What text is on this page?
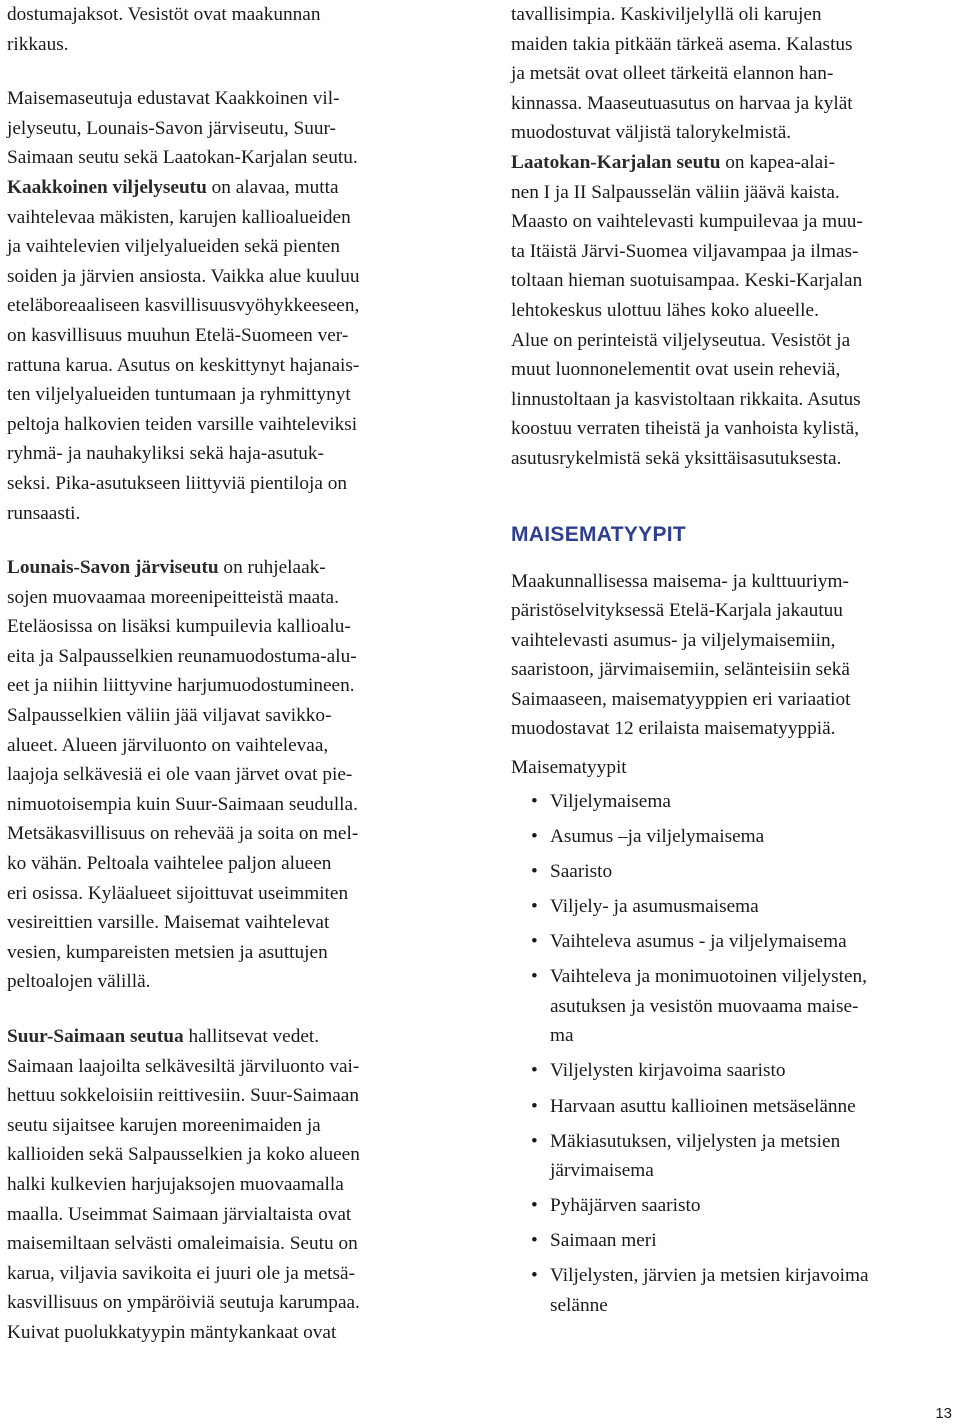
dostumajaksot. Vesistöt ovat maakunnan
rikkaus.

Maisemaseutuja edustavat Kaakkoinen vil-
jelyseutu, Lounais-Savon järviseutu, Suur-
Saimaan seutu sekä Laatokan-Karjalan seutu.

Kaakkoinen viljelyseutu on alavaa, mutta
vaihtelevaa mäkisten, karujen kallioalueiden
ja vaihtelevien viljelyalueiden sekä pienten
soiden ja järvien ansiosta. Vaikka alue kuuluu
eteläboreaaliseen kasvillisuusvyöhykkeeseen,
on kasvillisuus muuhun Etelä-Suomeen ver-
rattuna karua. Asutus on keskittynyt hajanais-
ten viljelyalueiden tuntumaan ja ryhmittynyt
peltoja halkovien teiden varsille vaihteleviksi
ryhmä- ja nauhakyliksi sekä haja-asutuk-
seksi. Pika-asutukseen liittyviä pientiloja on
runsaasti.

Lounais-Savon järviseutu on ruhjelaak-
sojen muovaamaa moreenipeitteistä maata.
Eteläosissa on lisäksi kumpuilevia kallioalu-
eita ja Salpausselkien reunamuodostuma-alu-
eet ja niihin liittyvine harjumuodostumineen.
Salpausselkien väliin jää viljavat savikko-
alueet. Alueen järviluonto on vaihtelevaa,
laajoja selkävesiä ei ole vaan järvet ovat pie-
nimuotoisempia kuin Suur-Saimaan seudulla.
Metsäkasvillisuus on rehevää ja soita on mel-
ko vähän. Peltoala vaihtelee paljon alueen
eri osissa. Kyläalueet sijoittuvat useimmiten
vesireittien varsille. Maisemat vaihtelevat
vesien, kumpareisten metsien ja asuttujen
peltoalojen välillä.

Suur-Saimaan seutua hallitsevat vedet.
Saimaan laajoilta selkävesiltä järviluonto vai-
hettuu sokkeloisiin reittivesiin. Suur-Saimaan
seutu sijaitsee karujen moreenimaiden ja
kallioiden sekä Salpausselkien ja koko alueen
halki kulkevien harjujaksojen muovaamalla
maalla. Useimmat Saimaan järvialtaista ovat
maisemiltaan selvästi omaleimaisia. Seutu on
karua, viljavia savikoita ei juuri ole ja metsä-
kasvillisuus on ympäröiviä seutuja karumpaa.
Kuivat puolukkatyypin mäntykankaat ovat

tavallisimpia. Kaskiviljelyllä oli karujen
maiden takia pitkään tärkeä asema. Kalastus
ja metsät ovat olleet tärkeitä elannon han-
kinnassa. Maaseutuasutus on harvaa ja kylät
muodostuvat väljistä talorykelmistä.

Laatokan-Karjalan seutu on kapea-alai-
nen I ja II Salpausselän väliin jäävä kaista.
Maasto on vaihtelevasti kumpuilevaa ja muu-
ta Itäistä Järvi-Suomea viljavampaa ja ilmas-
toltaan hieman suotuisampaa. Keski-Karjalan
lehtokeskus ulottuu lähes koko alueelle.
Alue on perinteistä viljelyseutua. Vesistöt ja
muut luonnonelementit ovat usein reheviä,
linnustoltaan ja kasvistoltaan rikkaita. Asutus
koostuu verraten tiheistä ja vanhoista kylistä,
asutusrykelmistä sekä yksittäisasutuksesta.

MAISEMATYYPIT

Maakunnallisessa maisema- ja kulttuuriym-
päristöselvityksessä Etelä-Karjala jakautuu
vaihtelevasti asumus- ja viljelymaisemiin,
saaristoon, järvimaisemiin, selänteisiin sekä
Saimaaseen, maisematyyppien eri variaatiot
muodostavat 12 erilaista maisematyyppiä.

Maisematyypit

• Viljelymaisema
• Asumus –ja viljelymaisema
• Saaristo
• Viljely- ja asumusmaisema
• Vaihteleva asumus - ja viljelymaisema
• Vaihteleva ja monimuotoinen viljelysten,
asutuksen ja vesistön muovaama maise-
ma
• Viljelysten kirjavoima saaristo
• Harvaan asuttu kallioinen metsäselänne
• Mäkiasutuksen, viljelysten ja metsien
järvimaisema
• Pyhäjärven saaristo
• Saimaan meri
• Viljelysten, järvien ja metsien kirjavoima
selänne
13
